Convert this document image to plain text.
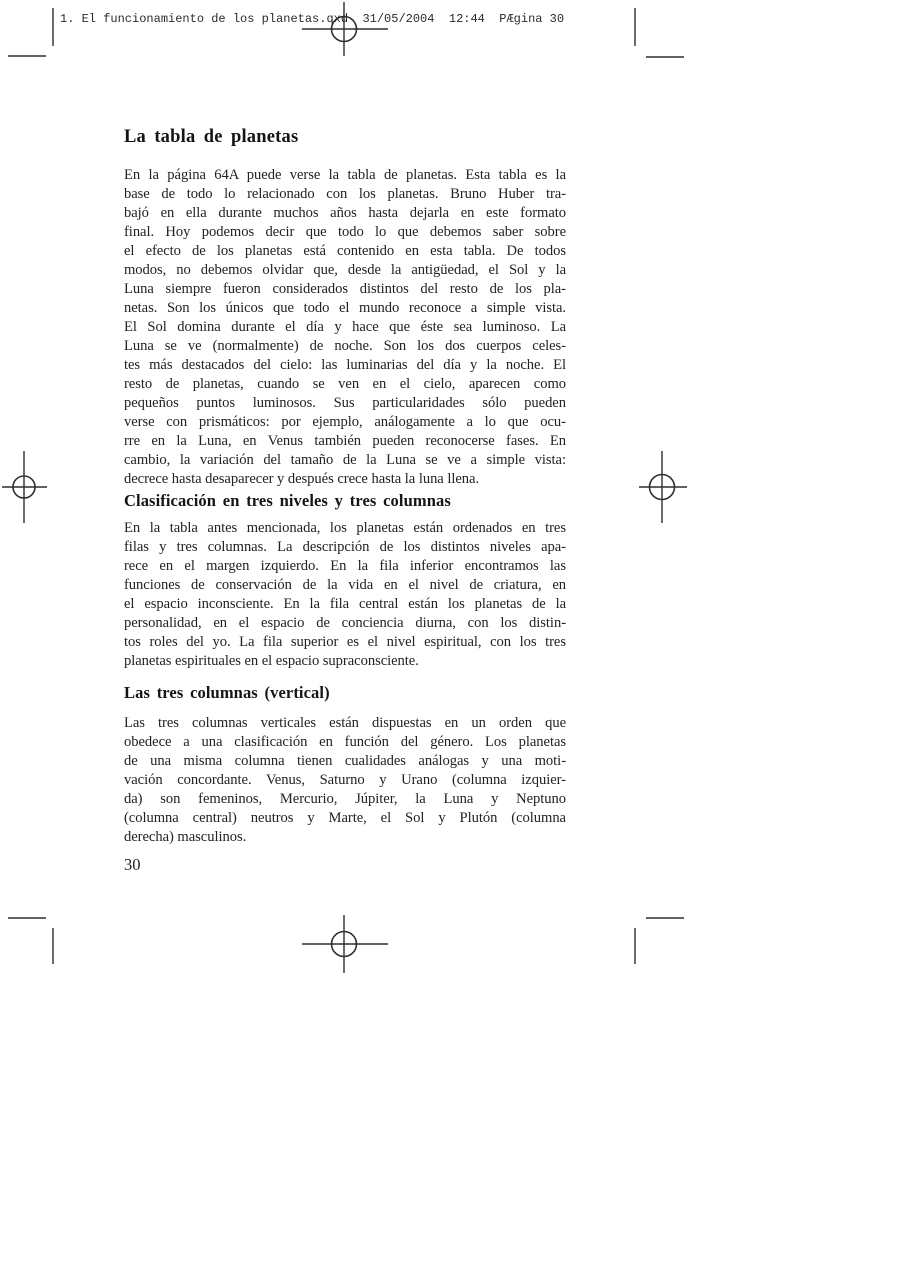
1. El funcionamiento de los planetas.qxd  31/05/2004  12:44  PÆgina 30
La tabla de planetas
En la página 64A puede verse la tabla de planetas. Esta tabla es la
base de todo lo relacionado con los planetas. Bruno Huber tra-
bajó en ella durante muchos años hasta dejarla en este formato
final. Hoy podemos decir que todo lo que debemos saber sobre
el efecto de los planetas está contenido en esta tabla. De todos
modos, no debemos olvidar que, desde la antigüedad, el Sol y la
Luna siempre fueron considerados distintos del resto de los pla-
netas. Son los únicos que todo el mundo reconoce a simple vista.
El Sol domina durante el día y hace que éste sea luminoso. La
Luna se ve (normalmente) de noche. Son los dos cuerpos celes-
tes más destacados del cielo: las luminarias del día y la noche. El
resto de planetas, cuando se ven en el cielo, aparecen como
pequeños puntos luminosos. Sus particularidades sólo pueden
verse con prismáticos: por ejemplo, análogamente a lo que ocu-
rre en la Luna, en Venus también pueden reconocerse fases. En
cambio, la variación del tamaño de la Luna se ve a simple vista:
decrece hasta desaparecer y después crece hasta la luna llena.
Clasificación en tres niveles y tres columnas
En la tabla antes mencionada, los planetas están ordenados en tres
filas y tres columnas. La descripción de los distintos niveles apa-
rece en el margen izquierdo. En la fila inferior encontramos las
funciones de conservación de la vida en el nivel de criatura, en
el espacio inconsciente. En la fila central están los planetas de la
personalidad, en el espacio de conciencia diurna, con los distin-
tos roles del yo. La fila superior es el nivel espiritual, con los tres
planetas espirituales en el espacio supraconsciente.
Las tres columnas (vertical)
Las tres columnas verticales están dispuestas en un orden que
obedece a una clasificación en función del género. Los planetas
de una misma columna tienen cualidades análogas y una moti-
vación concordante. Venus, Saturno y Urano (columna izquier-
da) son femeninos, Mercurio, Júpiter, la Luna y Neptuno
(columna central) neutros y Marte, el Sol y Plutón (columna
derecha) masculinos.
30
